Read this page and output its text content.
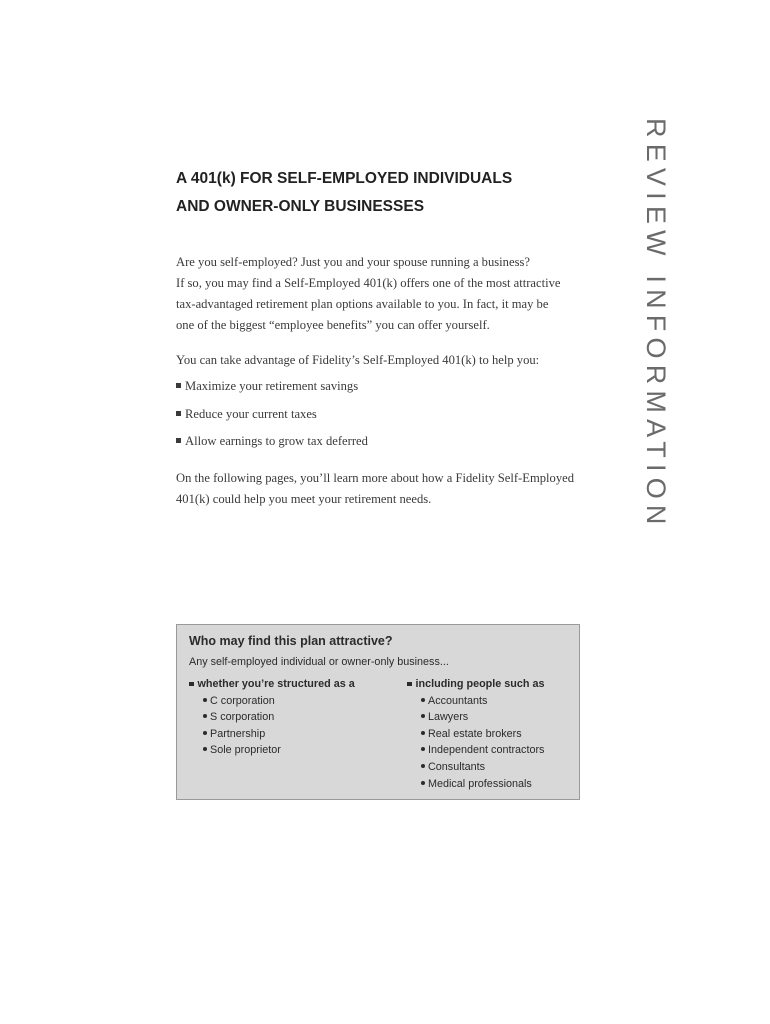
REVIEW INFORMATION
A 401(k) FOR SELF-EMPLOYED INDIVIDUALS
AND OWNER-ONLY BUSINESSES

Are you self-employed? Just you and your spouse running a business?
If so, you may find a Self-Employed 401(k) offers one of the most attractive
tax-advantaged retirement plan options available to you. In fact, it may be
one of the biggest “employee benefits” you can offer yourself.

You can take advantage of Fidelity’s Self-Employed 401(k) to help you:

Maximize your retirement savings
Reduce your current taxes
Allow earnings to grow tax deferred

On the following pages, you’ll learn more about how a Fidelity Self-Employed
401(k) could help you meet your retirement needs.

Who may find this plan attractive?
Any self-employed individual or owner-only business...
whether you’re structured as a
C corporation
S corporation
Partnership
Sole proprietor
including people such as
Accountants
Lawyers
Real estate brokers
Independent contractors
Consultants
Medical professionals
